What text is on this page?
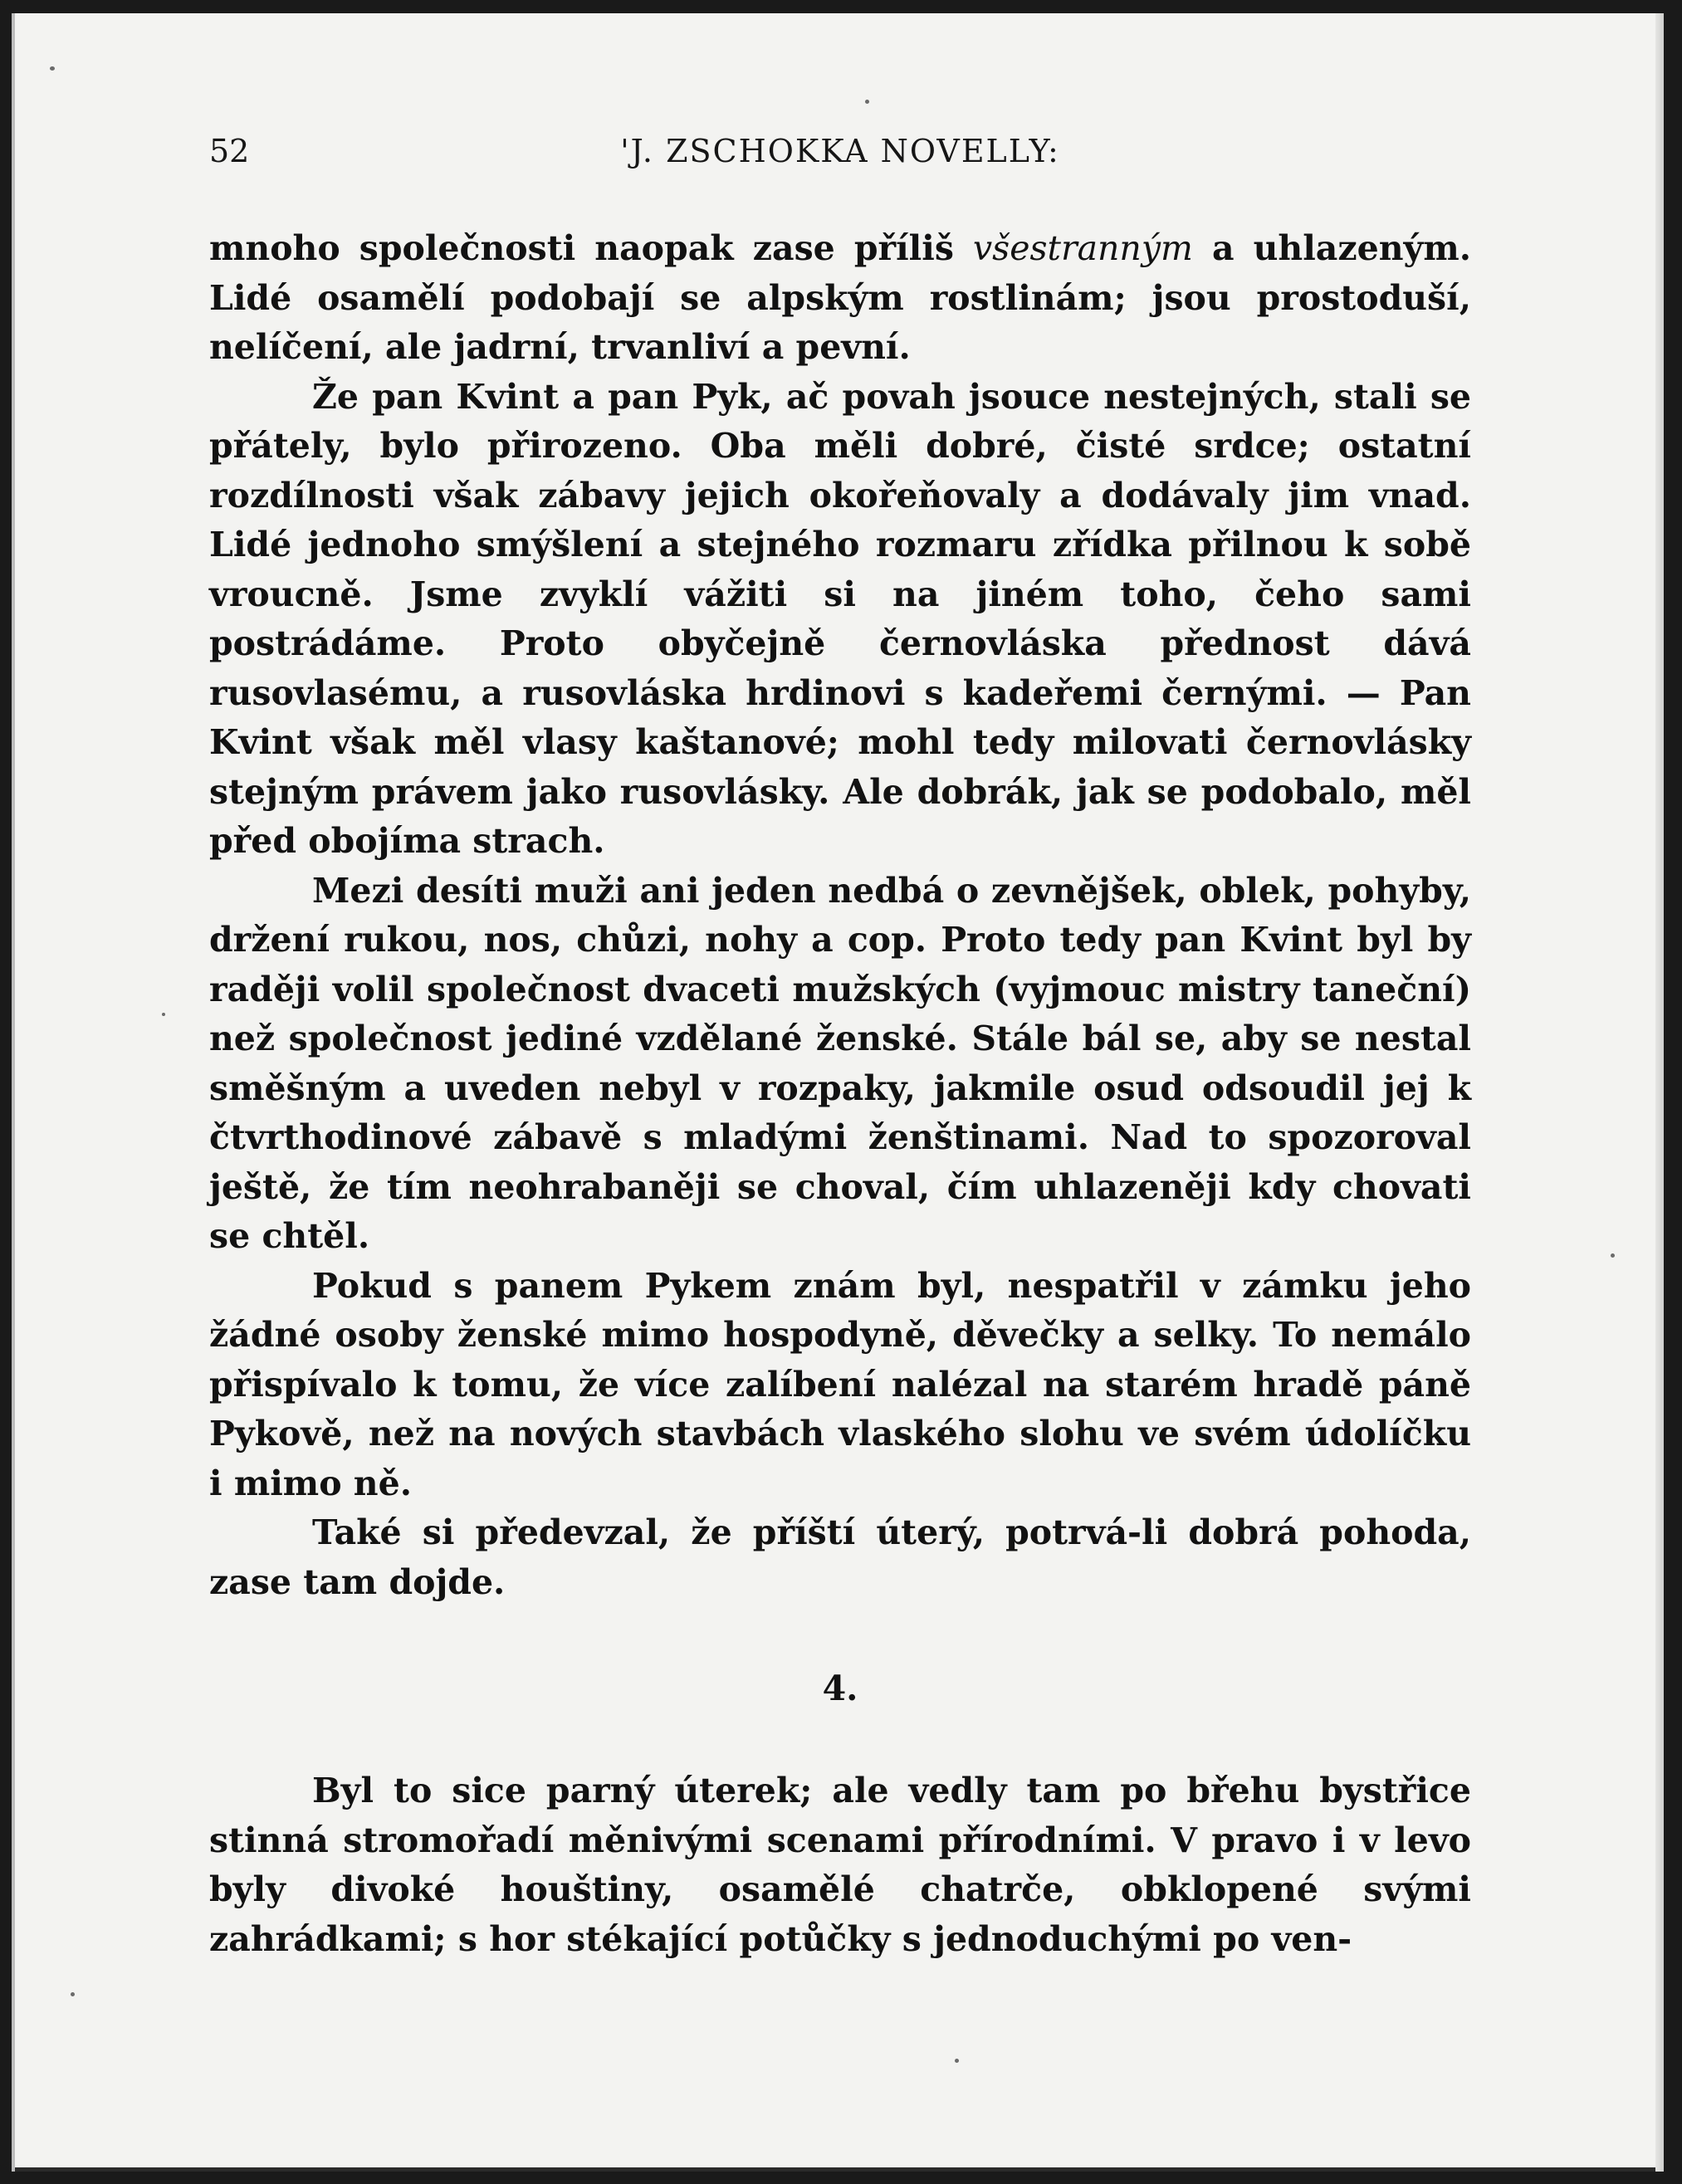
52	'J. ZSCHOKKA NOVELLY:

mnoho společnosti naopak zase příliš všestranným a uhlazeným. Lidé osamělí podobají se alpským rostlinám; jsou prostoduší, nelíčení, ale jadrní, trvanliví a pevní.

Že pan Kvint a pan Pyk, ač povah jsouce nestejných, stali se přátely, bylo přirozeno. Oba měli dobré, čisté srdce; ostatní rozdílnosti však zábavy jejich okořeňovaly a dodávaly jim vnad. Lidé jednoho smýšlení a stejného rozmaru zřídka přilnou k sobě vroucně. Jsme zvyklí vážiti si na jiném toho, čeho sami postrádáme. Proto obyčejně černovláska přednost dává rusovlasému, a rusovláska hrdinovi s kadeřemi černými. — Pan Kvint však měl vlasy kaštanové; mohl tedy milovati černovlásky stejným právem jako rusovlásky. Ale dobrák, jak se podobalo, měl před obojíma strach.

Mezi desíti muži ani jeden nedbá o zevnějšek, oblek, pohyby, držení rukou, nos, chůzi, nohy a cop. Proto tedy pan Kvint byl by raději volil společnost dvaceti mužských (vyjmouc mistry taneční) než společnost jediné vzdělané ženské. Stále bál se, aby se nestal směšným a uveden nebyl v rozpaky, jakmile osud odsoudil jej k čtvrthodinové zábavě s mladými ženštinami. Nad to spozoroval ještě, že tím neohrabaněji se choval, čím uhlazeněji kdy chovati se chtěl.

Pokud s panem Pykem znám byl, nespatřil v zámku jeho žádné osoby ženské mimo hospodyně, děvečky a selky. To nemálo přispívalo k tomu, že více zalíbení nalézal na starém hradě páně Pykově, než na nových stavbách vlaského slohu ve svém údolíčku i mimo ně.

Také si předevzal, že příští úterý, potrvá-li dobrá pohoda, zase tam dojde.

4.

Byl to sice parný úterek; ale vedly tam po břehu bystřice stinná stromořadí měnivými scenami přírodními. V pravo i v levo byly divoké houštiny, osamělé chatrče, obklopené svými zahrádkami; s hor stékající potůčky s jednoduchými po ven-
